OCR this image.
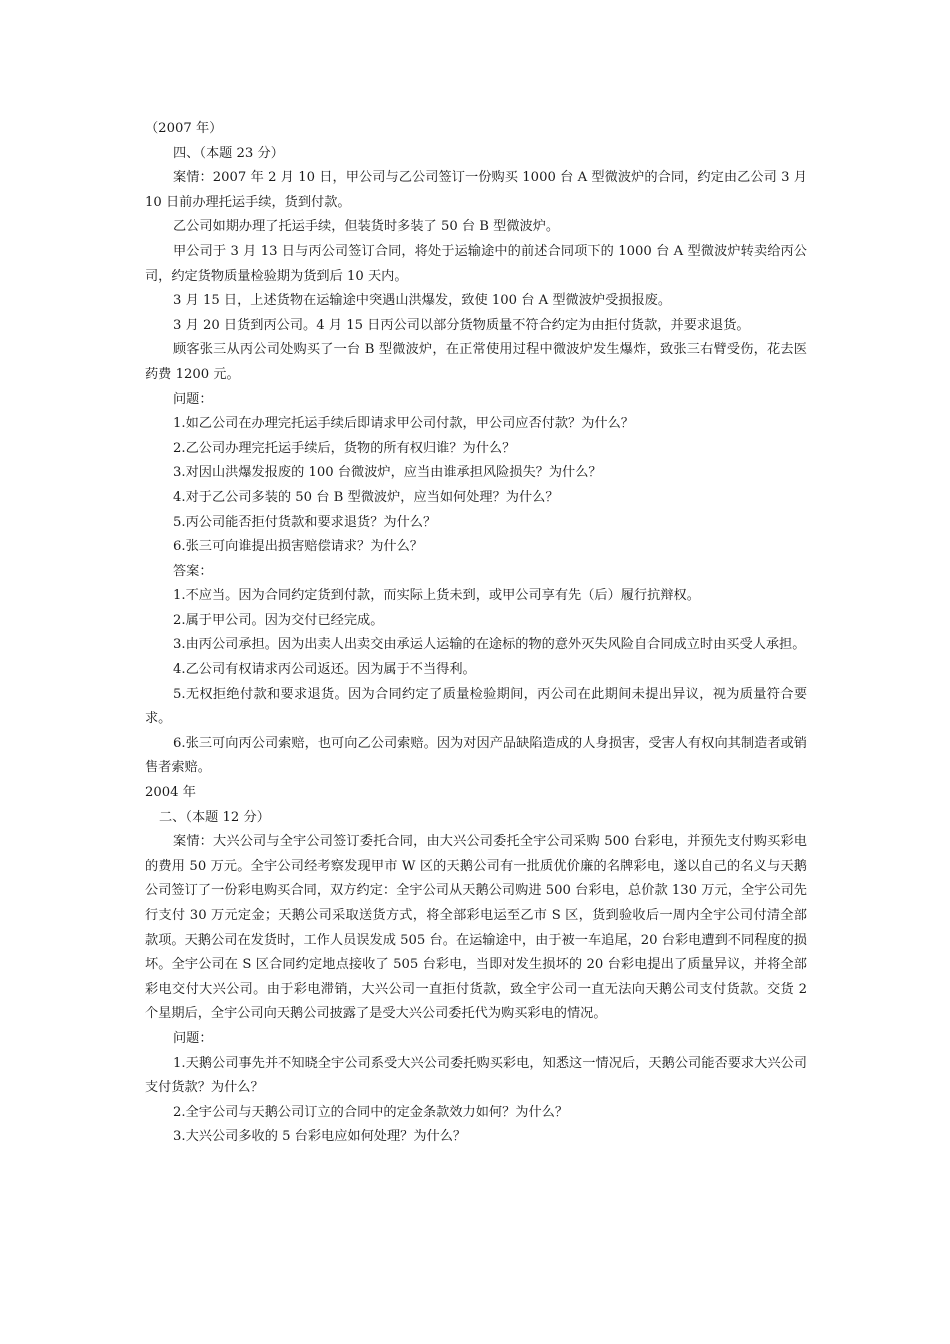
（2007 年）

四、（本题 23 分）

案情：2007 年 2 月 10 日，甲公司与乙公司签订一份购买 1000 台 A 型微波炉的合同，约定由乙公司 3 月 10 日前办理托运手续，货到付款。

乙公司如期办理了托运手续，但装货时多装了 50 台 B 型微波炉。

甲公司于 3 月 13 日与丙公司签订合同，将处于运输途中的前述合同项下的 1000 台 A 型微波炉转卖给丙公司，约定货物质量检验期为货到后 10 天内。

3 月 15 日，上述货物在运输途中突遇山洪爆发，致使 100 台 A 型微波炉受损报废。

3 月 20 日货到丙公司。4 月 15 日丙公司以部分货物质量不符合约定为由拒付货款，并要求退货。

顾客张三从丙公司处购买了一台 B 型微波炉，在正常使用过程中微波炉发生爆炸，致张三右臂受伤，花去医药费 1200 元。

问题：

1.如乙公司在办理完托运手续后即请求甲公司付款，甲公司应否付款？为什么？

2.乙公司办理完托运手续后，货物的所有权归谁？为什么？

3.对因山洪爆发报废的 100 台微波炉，应当由谁承担风险损失？为什么？

4.对于乙公司多装的 50 台 B 型微波炉，应当如何处理？为什么？

5.丙公司能否拒付货款和要求退货？为什么？

6.张三可向谁提出损害赔偿请求？为什么？

答案：

1.不应当。因为合同约定货到付款，而实际上货未到，或甲公司享有先（后）履行抗辩权。

2.属于甲公司。因为交付已经完成。

3.由丙公司承担。因为出卖人出卖交由承运人运输的在途标的物的意外灭失风险自合同成立时由买受人承担。

4.乙公司有权请求丙公司返还。因为属于不当得利。

5.无权拒绝付款和要求退货。因为合同约定了质量检验期间，丙公司在此期间未提出异议，视为质量符合要求。

6.张三可向丙公司索赔，也可向乙公司索赔。因为对因产品缺陷造成的人身损害，受害人有权向其制造者或销售者索赔。

2004 年

二、（本题 12 分）

案情：大兴公司与全宇公司签订委托合同，由大兴公司委托全宇公司采购 500 台彩电，并预先支付购买彩电的费用 50 万元。全宇公司经考察发现甲市 W 区的天鹅公司有一批质优价廉的名牌彩电，遂以自己的名义与天鹅公司签订了一份彩电购买合同，双方约定：全宇公司从天鹅公司购进 500 台彩电，总价款 130 万元，全宇公司先行支付 30 万元定金；天鹅公司采取送货方式，将全部彩电运至乙市 S 区，货到验收后一周内全宇公司付清全部款项。天鹅公司在发货时，工作人员误发成 505 台。在运输途中，由于被一车追尾，20 台彩电遭到不同程度的损坏。全宇公司在 S 区合同约定地点接收了 505 台彩电，当即对发生损坏的 20 台彩电提出了质量异议，并将全部彩电交付大兴公司。由于彩电滞销，大兴公司一直拒付货款，致全宇公司一直无法向天鹅公司支付货款。交货 2 个星期后，全宇公司向天鹅公司披露了是受大兴公司委托代为购买彩电的情况。

问题：

1.天鹅公司事先并不知晓全宇公司系受大兴公司委托购买彩电，知悉这一情况后，天鹅公司能否要求大兴公司支付货款？为什么？

2.全宇公司与天鹅公司订立的合同中的定金条款效力如何？为什么？

3.大兴公司多收的 5 台彩电应如何处理？为什么？
